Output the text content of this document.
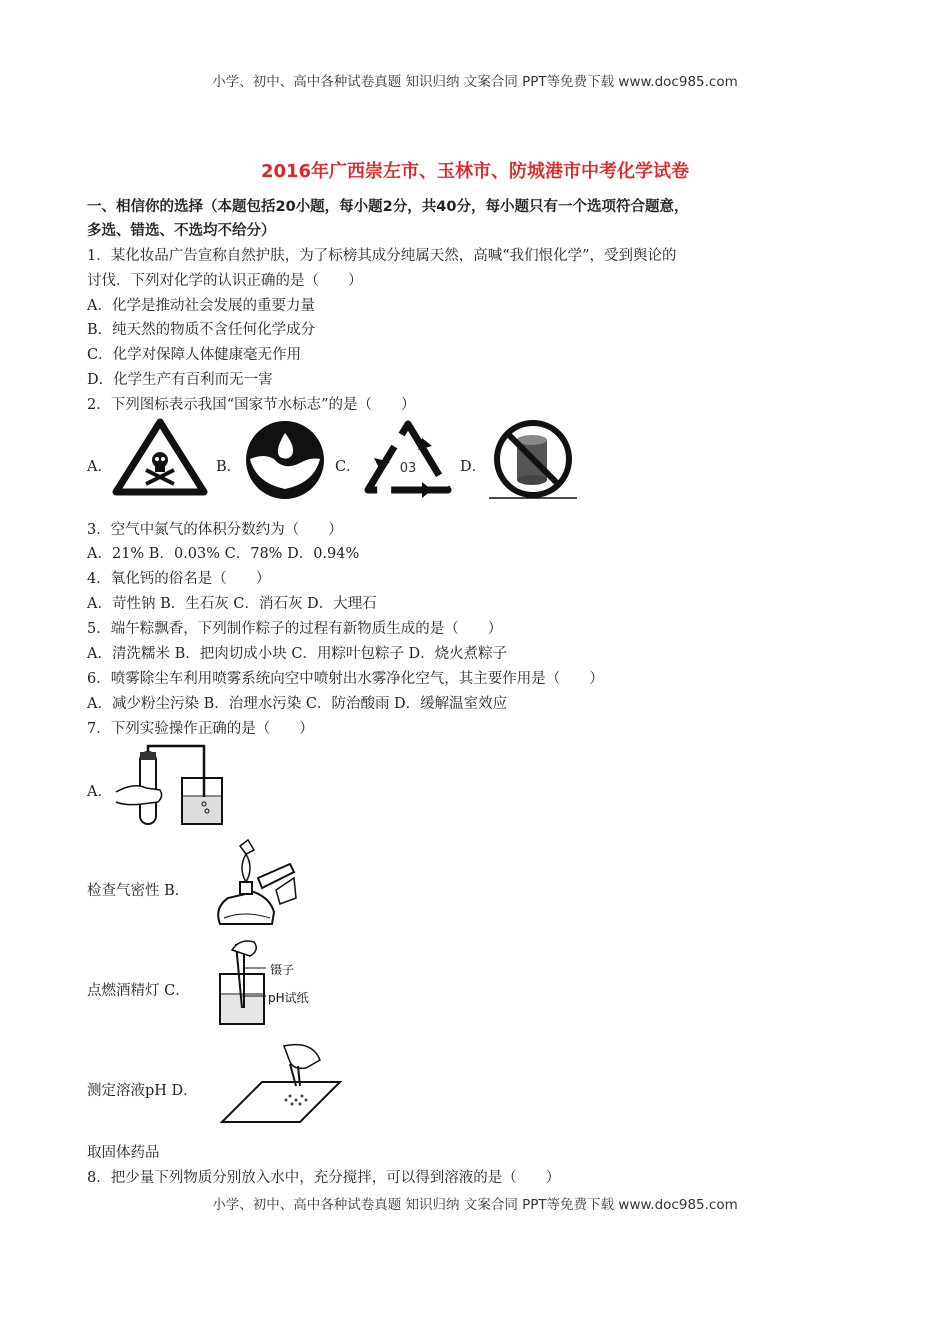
小学、初中、高中各种试卷真题 知识归纳 文案合同 PPT等免费下载 www.doc985.com
2016年广西崇左市、玉林市、防城港市中考化学试卷
一、相信你的选择（本题包括20小题，每小题2分，共40分，每小题只有一个选项符合题意，
多选、错选、不选均不给分）
1．某化妆品广告宣称自然护肤，为了标榜其成分纯属天然，高喊“我们恨化学”，受到舆论的
讨伐．下列对化学的认识正确的是（　　）
A．化学是推动社会发展的重要力量
B．纯天然的物质不含任何化学成分
C．化学对保障人体健康毫无作用
D．化学生产有百利而无一害
2．下列图标表示我国“国家节水标志”的是（　　）
A．	B．	C．	03	D．
3．空气中氮气的体积分数约为（　　）
A．21% B．0.03% C．78% D．0.94%
4．氧化钙的俗名是（　　）
A．苛性钠 B．生石灰 C．消石灰 D．大理石
5．端午粽飘香，下列制作粽子的过程有新物质生成的是（　　）
A．清洗糯米 B．把肉切成小块 C．用粽叶包粽子 D．烧火煮粽子
6．喷雾除尘车利用喷雾系统向空中喷射出水雾净化空气，其主要作用是（　　）
A．减少粉尘污染 B．治理水污染 C．防治酸雨 D．缓解温室效应
7．下列实验操作正确的是（　　）
A．
检查气密性 B．
点燃酒精灯 C．
镊子
pH试纸
测定溶液pH D．
取固体药品
8．把少量下列物质分别放入水中，充分搅拌，可以得到溶液的是（　　）
小学、初中、高中各种试卷真题 知识归纳 文案合同 PPT等免费下载 www.doc985.com
